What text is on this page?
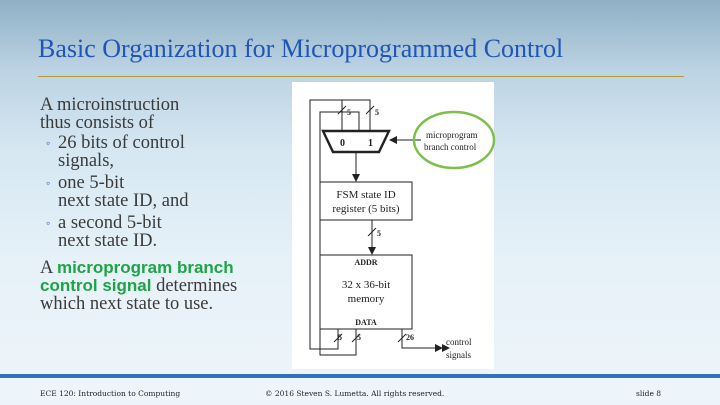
Basic Organization for Microprogrammed Control

A microinstruction
thus consists of

◦ 26 bits of control
signals,
◦ one 5-bit
next state ID, and
◦ a second 5-bit
next state ID.

A microprogram branch
control signal determines
which next state to use.

5	5
0 1
microprogram
branch control
FSM state ID
register (5 bits)
5
ADDR
32 x 36-bit
memory
DATA
5 5	26	control
signals
ECE 120: Introduction to Computing	© 2016 Steven S. Lumetta. All rights reserved.	slide 8
